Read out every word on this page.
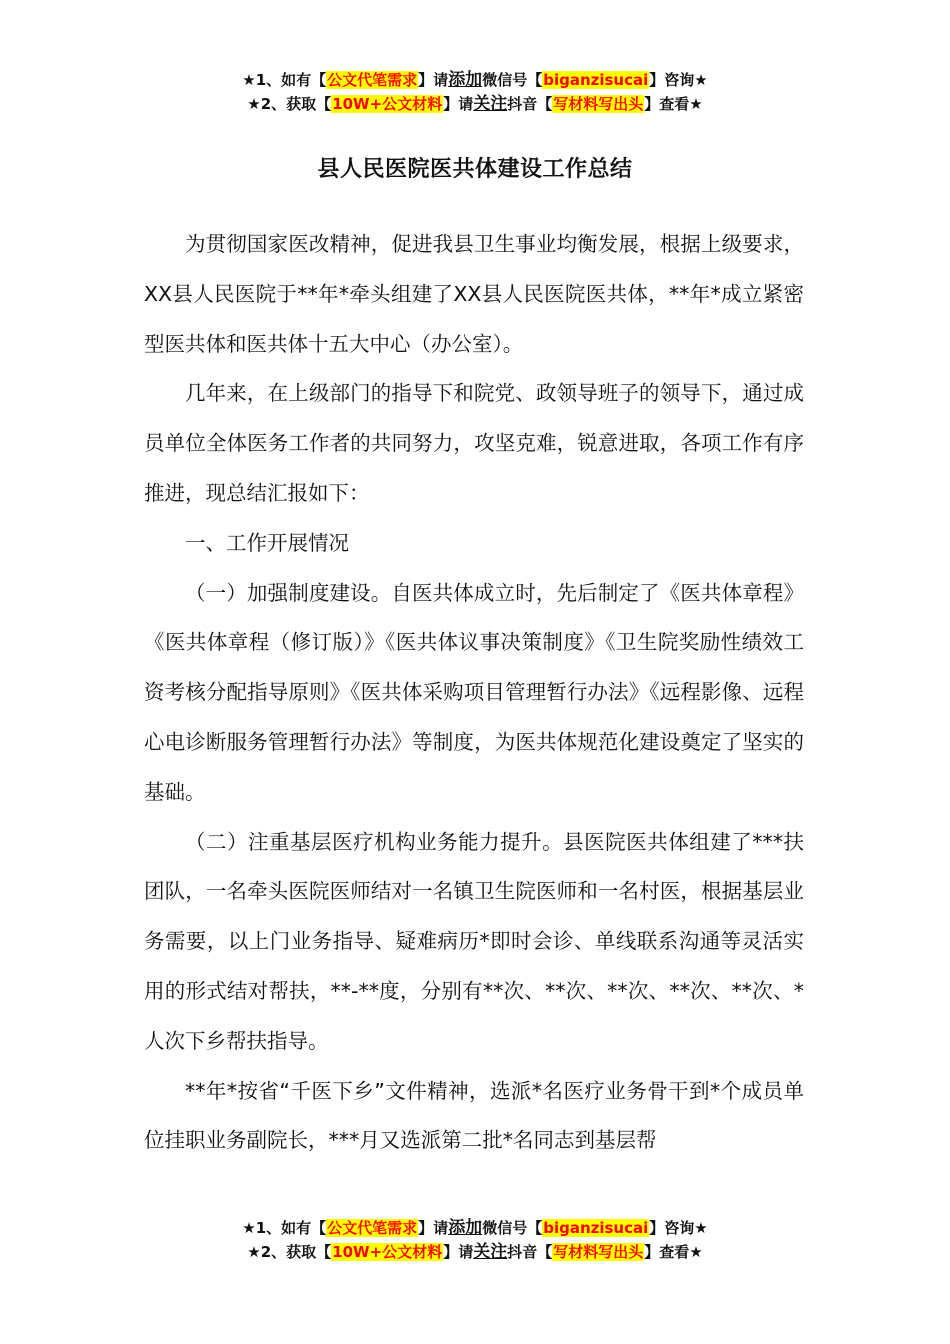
★1、如有【公文代笔需求】请添加微信号【biganzisucai】咨询★
★2、获取【10W+公文材料】请关注抖音【写材料写出头】查看★
县人民医院医共体建设工作总结

为贯彻国家医改精神，促进我县卫生事业均衡发展，根据上级要求，XX县人民医院于**年*牵头组建了XX县人民医院医共体，**年*成立紧密型医共体和医共体十五大中心（办公室）。

几年来，在上级部门的指导下和院党、政领导班子的领导下，通过成员单位全体医务工作者的共同努力，攻坚克难，锐意进取，各项工作有序推进，现总结汇报如下：

一、工作开展情况

（一）加强制度建设。自医共体成立时，先后制定了《医共体章程》《医共体章程（修订版）》《医共体议事决策制度》《卫生院奖励性绩效工资考核分配指导原则》《医共体采购项目管理暂行办法》《远程影像、远程心电诊断服务管理暂行办法》等制度，为医共体规范化建设奠定了坚实的基础。

（二）注重基层医疗机构业务能力提升。县医院医共体组建了***扶团队，一名牵头医院医师结对一名镇卫生院医师和一名村医，根据基层业务需要，以上门业务指导、疑难病历*即时会诊、单线联系沟通等灵活实用的形式结对帮扶，**-**度，分别有**次、**次、**次、**次、**次、*人次下乡帮扶指导。

**年*按省“千医下乡”文件精神，选派*名医疗业务骨干到*个成员单位挂职业务副院长，***月又选派第二批*名同志到基层帮

★1、如有【公文代笔需求】请添加微信号【biganzisucai】咨询★
★2、获取【10W+公文材料】请关注抖音【写材料写出头】查看★
